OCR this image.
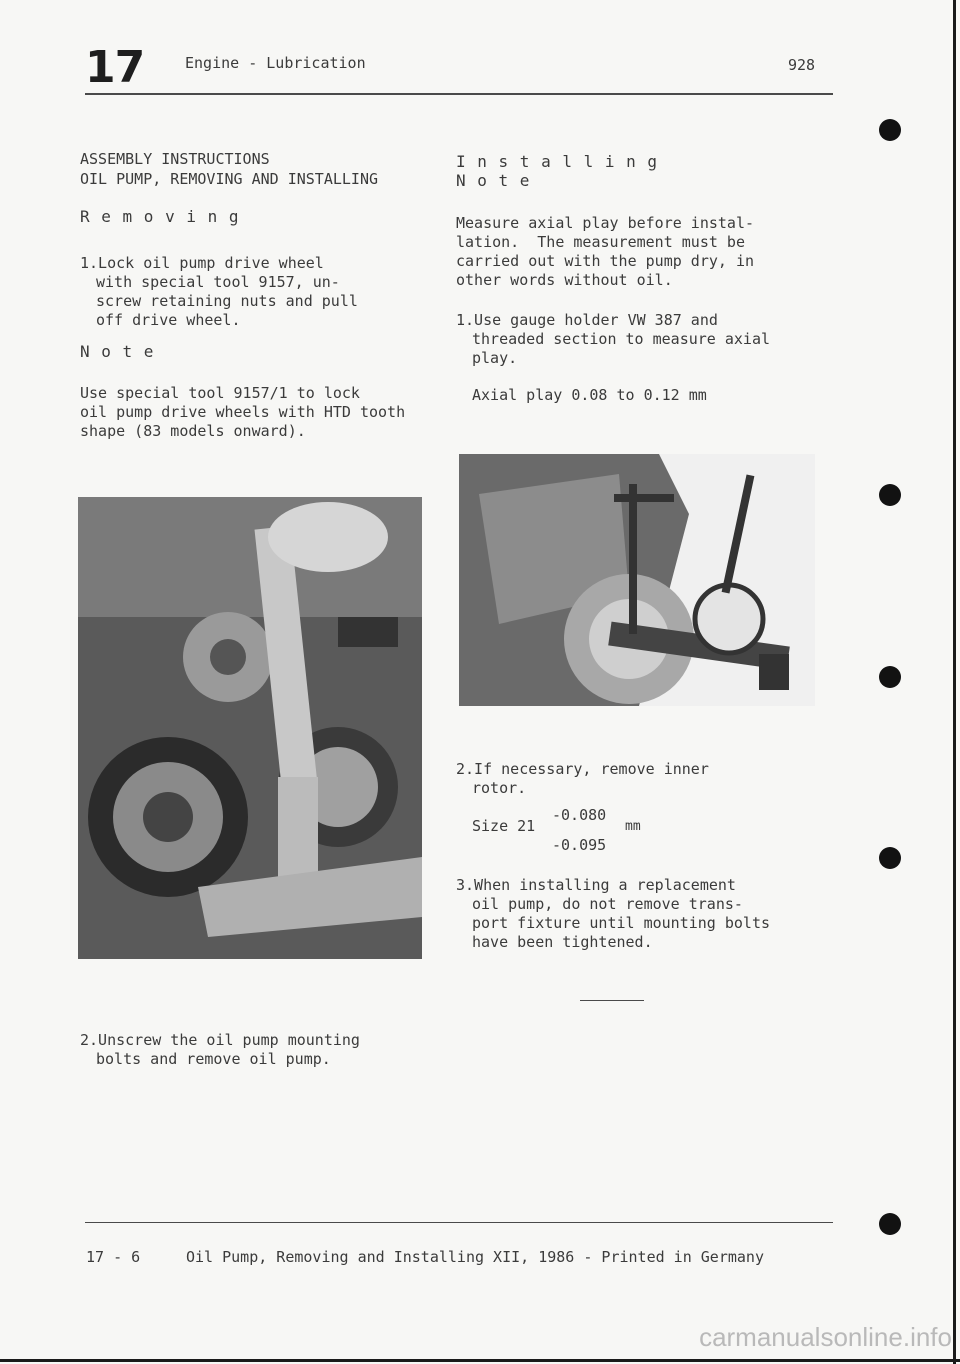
17	Engine - Lubrication	928
ASSEMBLY INSTRUCTIONS
OIL PUMP, REMOVING AND INSTALLING
R e m o v i n g
1.Lock oil pump drive wheel
with special tool 9157, un-
screw retaining nuts and pull
off drive wheel.
N o t e
Use special tool 9157/1 to lock
oil pump drive wheels with HTD tooth
shape (83 models onward).
2.Unscrew the oil pump mounting
bolts and remove oil pump.
I n s t a l l i n g
N o t e
Measure axial play before instal-
lation.  The measurement must be
carried out with the pump dry, in
other words without oil.
1.Use gauge holder VW 387 and
threaded section to measure axial
play.
Axial play 0.08 to 0.12 mm
2.If necessary, remove inner
rotor.
Size 21
-0.080
mm
-0.095
3.When installing a replacement
oil pump, do not remove trans-
port fixture until mounting bolts
have been tightened.
17 - 6	Oil Pump, Removing and Installing XII, 1986 - Printed in Germany
carmanualsonline.info
